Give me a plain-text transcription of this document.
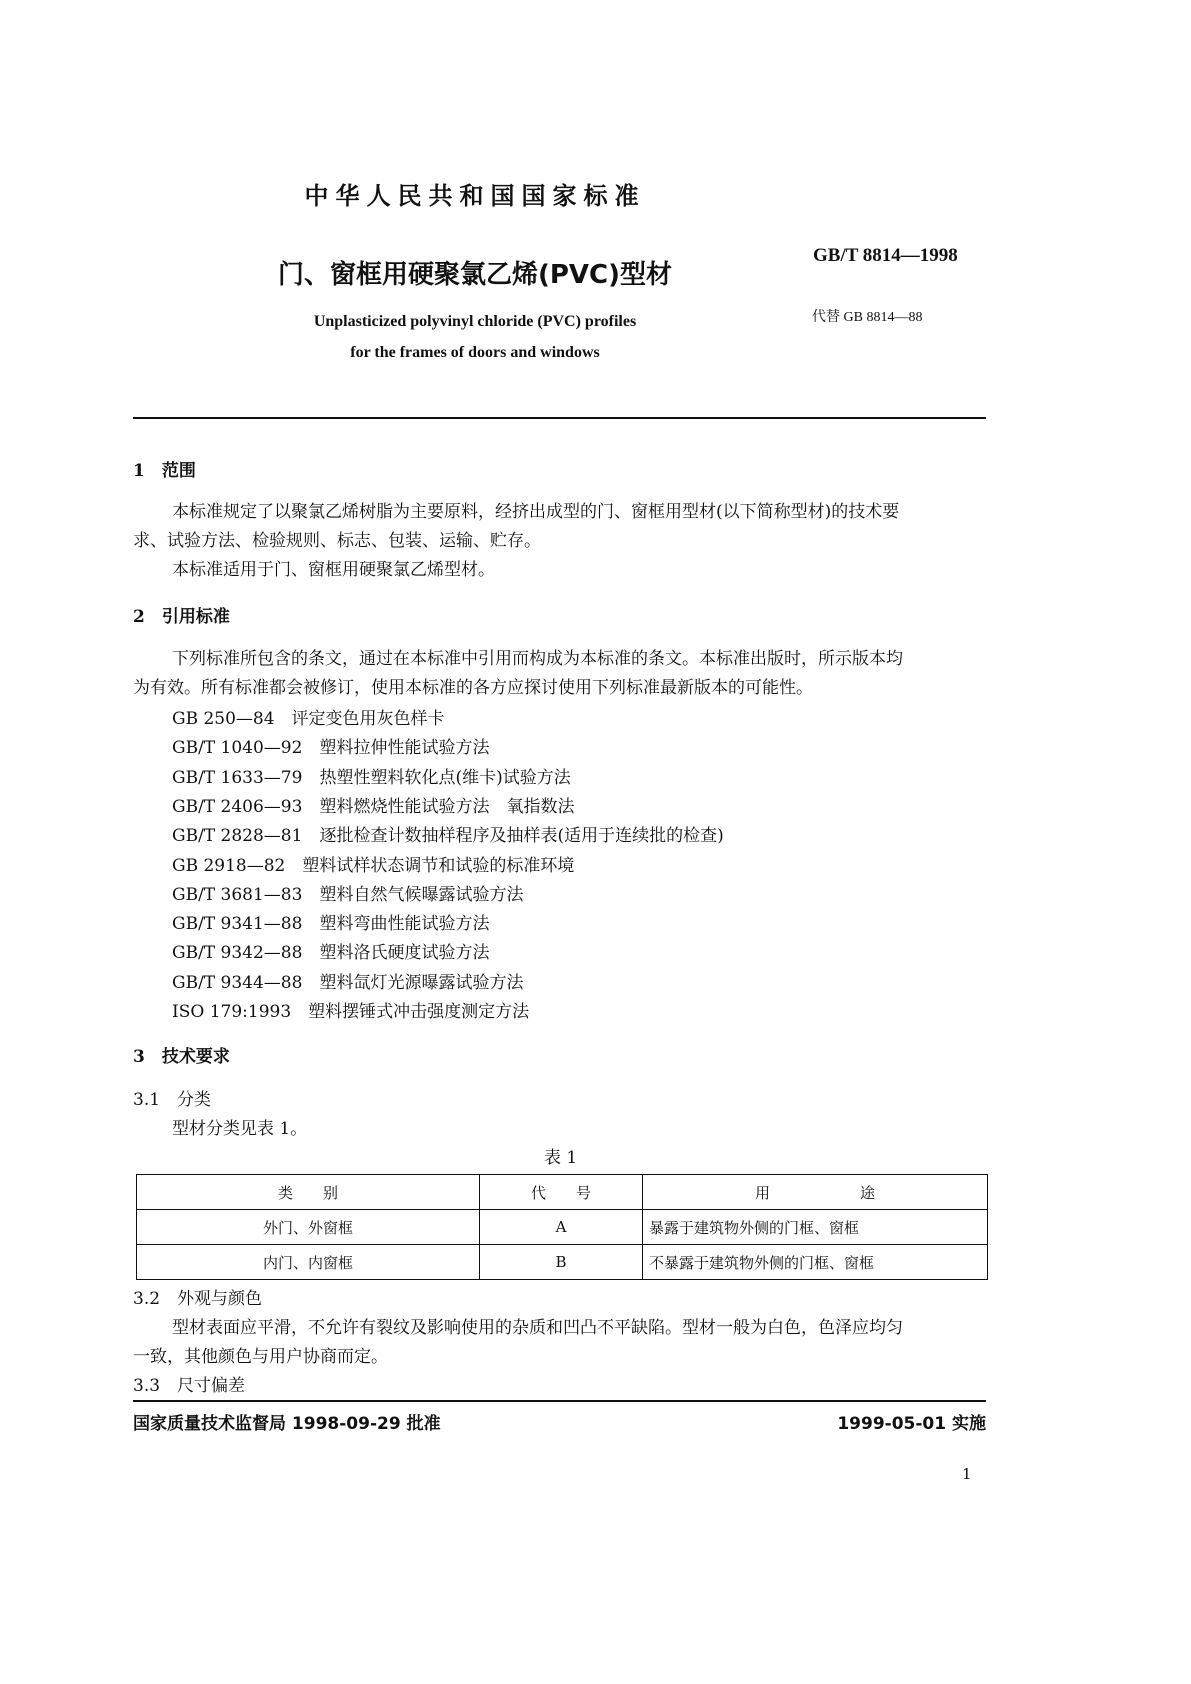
中华人民共和国国家标准
门、窗框用硬聚氯乙烯(PVC)型材
Unplasticized polyvinyl chloride (PVC) profiles
for the frames of doors and windows
GB/T 8814—1998
代替 GB 8814—88
1　范围
本标准规定了以聚氯乙烯树脂为主要原料，经挤出成型的门、窗框用型材(以下简称型材)的技术要
求、试验方法、检验规则、标志、包装、运输、贮存。
本标准适用于门、窗框用硬聚氯乙烯型材。
2　引用标准
下列标准所包含的条文，通过在本标准中引用而构成为本标准的条文。本标准出版时，所示版本均
为有效。所有标准都会被修订，使用本标准的各方应探讨使用下列标准最新版本的可能性。
GB 250—84　评定变色用灰色样卡
GB/T 1040—92　塑料拉伸性能试验方法
GB/T 1633—79　热塑性塑料软化点(维卡)试验方法
GB/T 2406—93　塑料燃烧性能试验方法　氧指数法
GB/T 2828—81　逐批检查计数抽样程序及抽样表(适用于连续批的检查)
GB 2918—82　塑料试样状态调节和试验的标准环境
GB/T 3681—83　塑料自然气候曝露试验方法
GB/T 9341—88　塑料弯曲性能试验方法
GB/T 9342—88　塑料洛氏硬度试验方法
GB/T 9344—88　塑料氙灯光源曝露试验方法
ISO 179:1993　塑料摆锤式冲击强度测定方法
3　技术要求
3.1　分类
型材分类见表 1。
表 1
类　　别	代　　号	用　　　　　　途
外门、外窗框	A	暴露于建筑物外侧的门框、窗框
内门、内窗框	B	不暴露于建筑物外侧的门框、窗框
3.2　外观与颜色
型材表面应平滑，不允许有裂纹及影响使用的杂质和凹凸不平缺陷。型材一般为白色，色泽应均匀
一致，其他颜色与用户协商而定。
3.3　尺寸偏差
国家质量技术监督局 1998-09-29 批准	1999-05-01 实施
1
